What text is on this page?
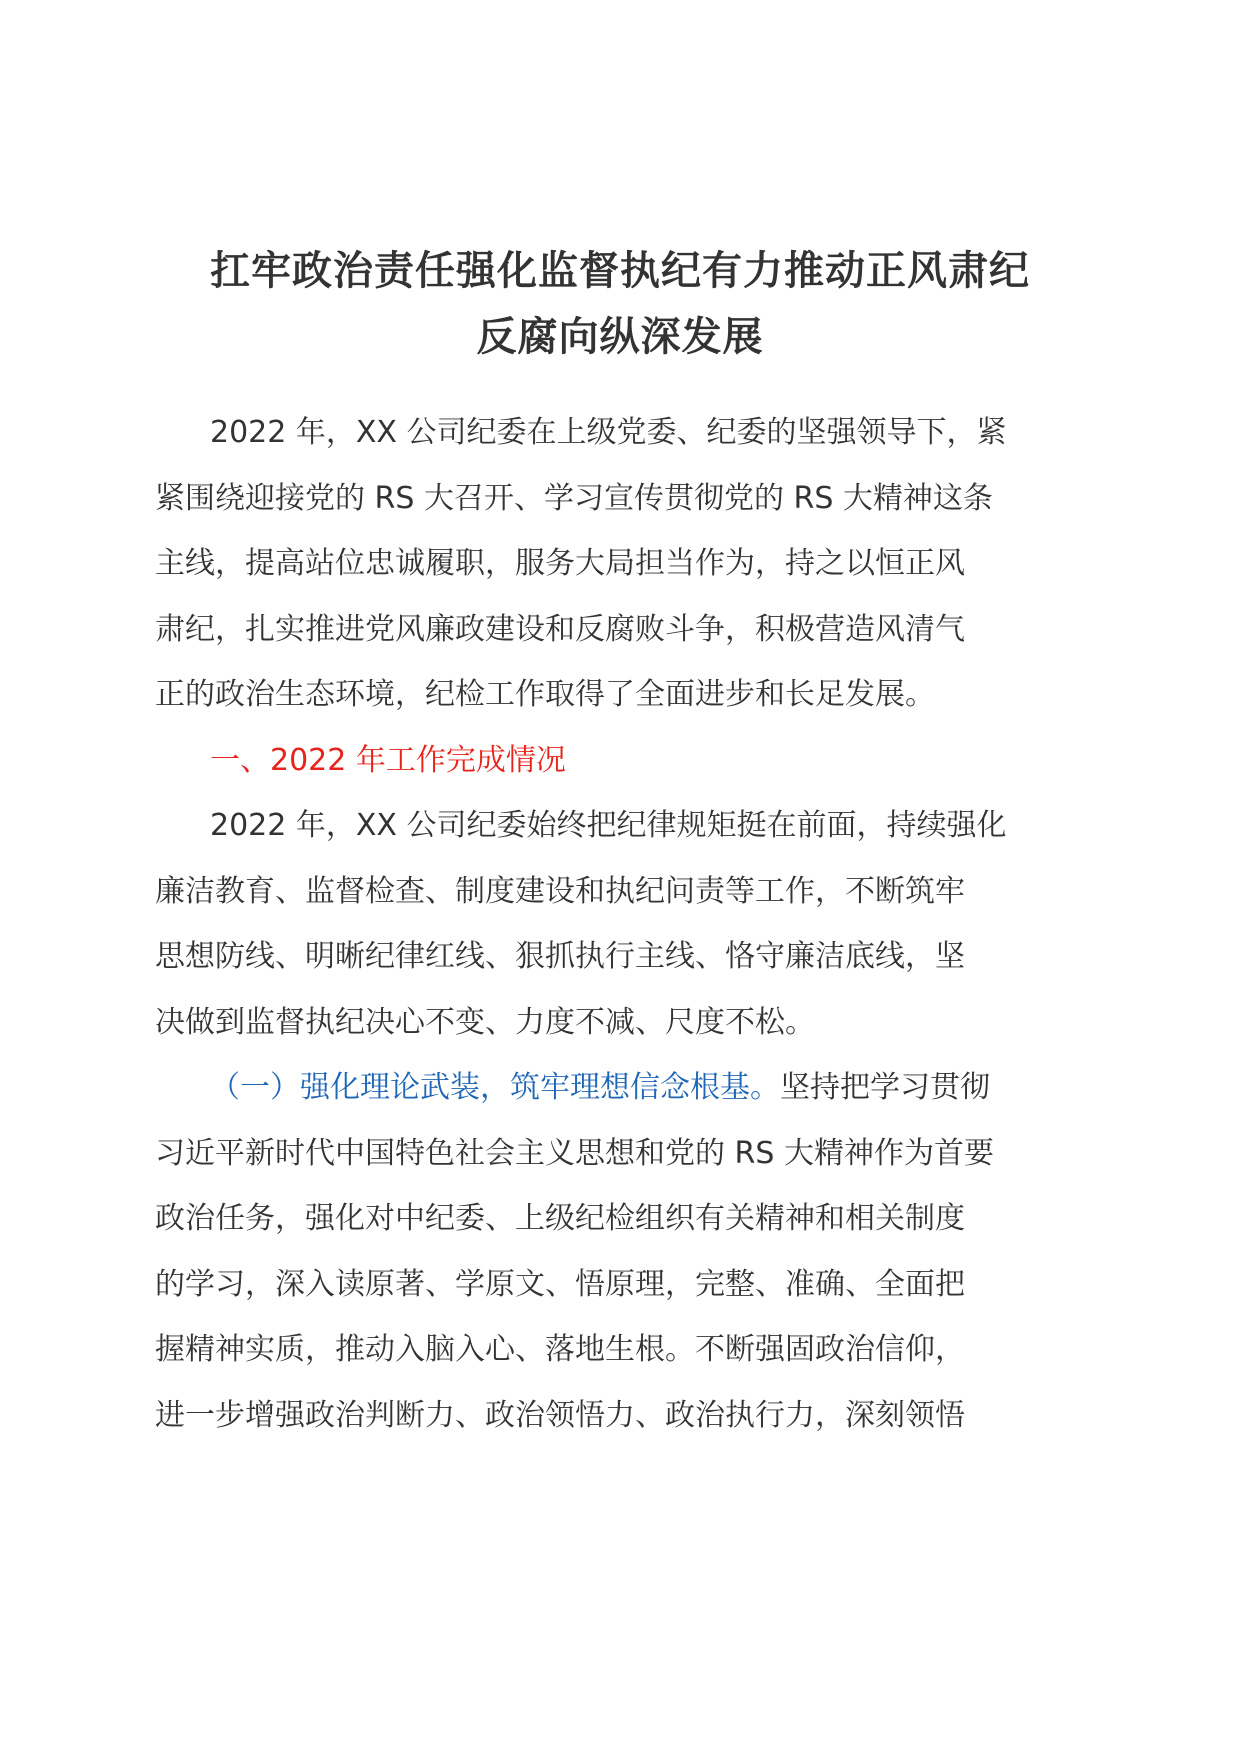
扛牢政治责任强化监督执纪有力推动正风肃纪
反腐向纵深发展
2022 年，XX 公司纪委在上级党委、纪委的坚强领导下，紧
紧围绕迎接党的 RS 大召开、学习宣传贯彻党的 RS 大精神这条
主线，提高站位忠诚履职，服务大局担当作为，持之以恒正风
肃纪，扎实推进党风廉政建设和反腐败斗争，积极营造风清气
正的政治生态环境，纪检工作取得了全面进步和长足发展。
一、2022 年工作完成情况
2022 年，XX 公司纪委始终把纪律规矩挺在前面，持续强化
廉洁教育、监督检查、制度建设和执纪问责等工作，不断筑牢
思想防线、明晰纪律红线、狠抓执行主线、恪守廉洁底线，坚
决做到监督执纪决心不变、力度不减、尺度不松。
（一）强化理论武装，筑牢理想信念根基。坚持把学习贯彻
习近平新时代中国特色社会主义思想和党的 RS 大精神作为首要
政治任务，强化对中纪委、上级纪检组织有关精神和相关制度
的学习，深入读原著、学原文、悟原理，完整、准确、全面把
握精神实质，推动入脑入心、落地生根。不断强固政治信仰，
进一步增强政治判断力、政治领悟力、政治执行力，深刻领悟
